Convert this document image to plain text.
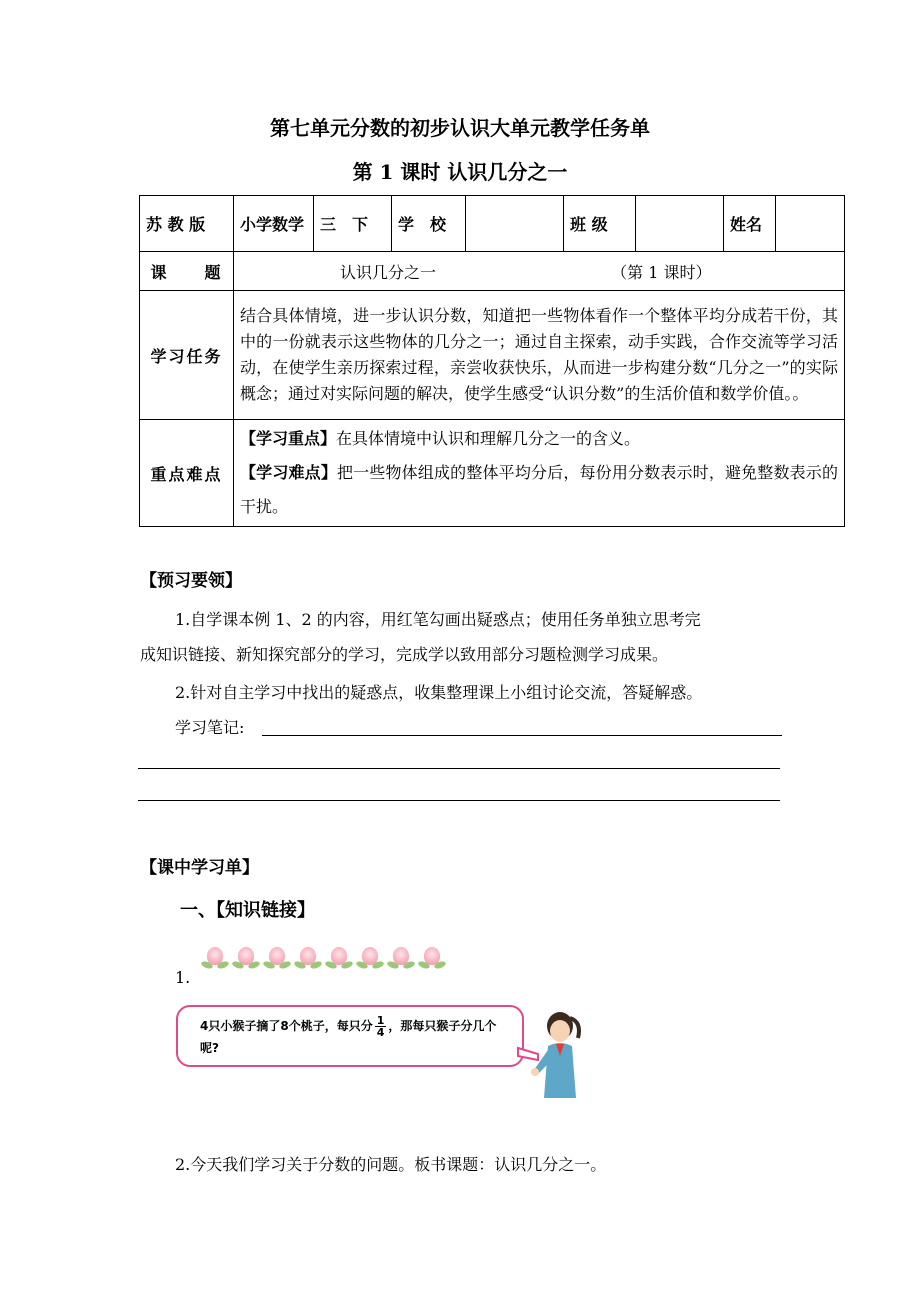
第七单元分数的初步认识大单元教学任务单
第 1 课时 认识几分之一
苏 教 版	小学数学	三　下	学　校		班 级		姓名	
课　　题	认识几分之一 （第 1 课时）							
学习任务	结合具体情境，进一步认识分数，知道把一些物体看作一个整体平均分成若干份，其中的一份就表示这些物体的几分之一；通过自主探索，动手实践，合作交流等学习活动，在使学生亲历探索过程，亲尝收获快乐，从而进一步构建分数“几分之一”的实际概念；通过对实际问题的解决，使学生感受“认识分数”的生活价值和数学价值。。							
重点难点	【学习重点】在具体情境中认识和理解几分之一的含义。
【学习难点】把一些物体组成的整体平均分后，每份用分数表示时，避免整数表示的干扰。							
【预习要领】
1.自学课本例 1、2 的内容，用红笔勾画出疑惑点；使用任务单独立思考完
成知识链接、新知探究部分的学习，完成学以致用部分习题检测学习成果。
2.针对自主学习中找出的疑惑点，收集整理课上小组讨论交流，答疑解惑。
学习笔记:
【课中学习单】
一、【知识链接】
1.
4只小猴子摘了8个桃子，每只分 $\frac{1}{4}$ ，那每只猴子分几个呢?
2.今天我们学习关于分数的问题。板书课题：认识几分之一。
